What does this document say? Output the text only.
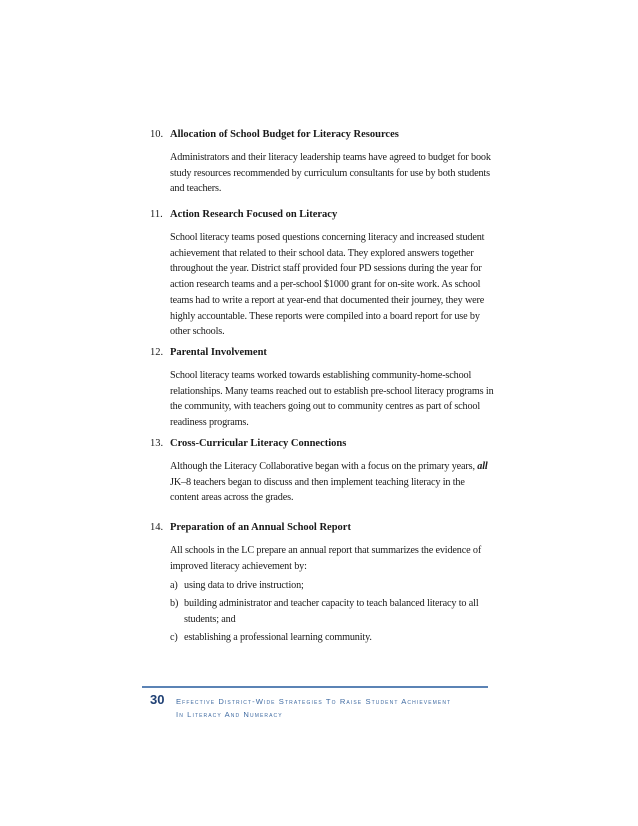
10. Allocation of School Budget for Literacy Resources

Administrators and their literacy leadership teams have agreed to budget for book study resources recommended by curriculum consultants for use by both students and teachers.

11. Action Research Focused on Literacy

School literacy teams posed questions concerning literacy and increased student achievement that related to their school data. They explored answers together throughout the year. District staff provided four PD sessions during the year for action research teams and a per-school $1000 grant for on-site work. As school teams had to write a report at year-end that documented their journey, they were highly accountable. These reports were compiled into a board report for use by other schools.

12. Parental Involvement

School literacy teams worked towards establishing community-home-school relationships. Many teams reached out to establish pre-school literacy programs in the community, with teachers going out to community centres as part of school readiness programs.

13. Cross-Curricular Literacy Connections

Although the Literacy Collaborative began with a focus on the primary years, all JK–8 teachers began to discuss and then implement teaching literacy in the content areas across the grades.

14. Preparation of an Annual School Report

All schools in the LC prepare an annual report that summarizes the evidence of improved literacy achievement by:

a) using data to drive instruction;
b) building administrator and teacher capacity to teach balanced literacy to all students; and
c) establishing a professional learning community.
30 Effective District-Wide Strategies To Raise Student Achievement
In Literacy And Numeracy
